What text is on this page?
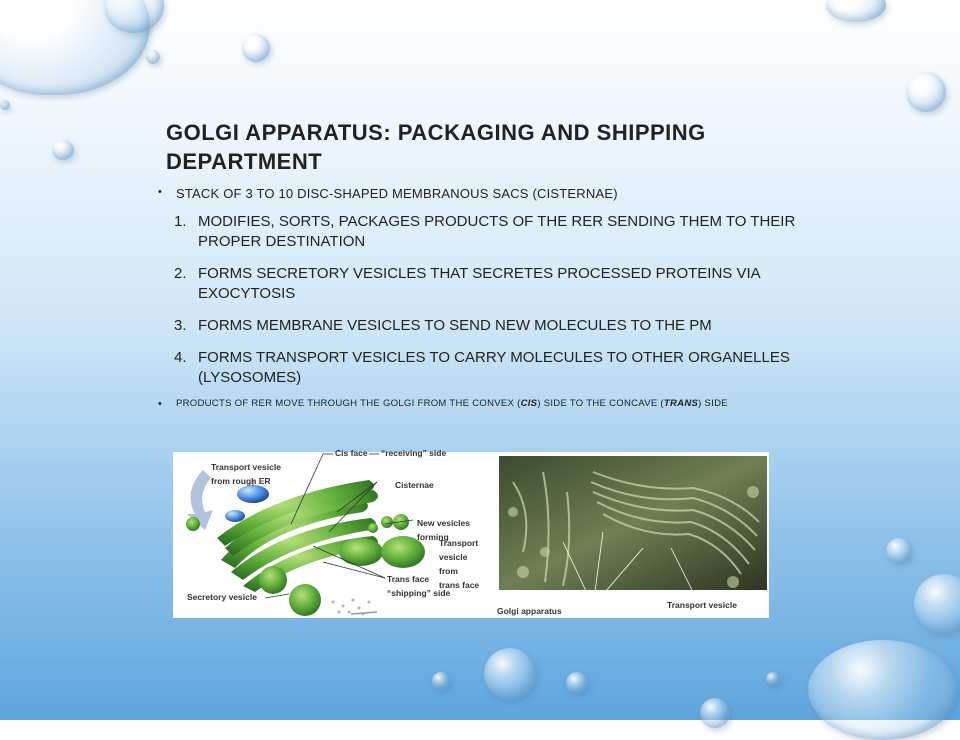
GOLGI APPARATUS: PACKAGING AND SHIPPING
DEPARTMENT
• STACK OF 3 TO 10 DISC-SHAPED MEMBRANOUS SACS (CISTERNAE)
1. MODIFIES, SORTS, PACKAGES PRODUCTS OF THE RER SENDING THEM TO THEIR PROPER DESTINATION
2. FORMS SECRETORY VESICLES THAT SECRETES PROCESSED PROTEINS VIA EXOCYTOSIS
3. FORMS MEMBRANE VESICLES TO SEND NEW MOLECULES TO THE PM
4. FORMS TRANSPORT VESICLES TO CARRY MOLECULES TO OTHER ORGANELLES (LYSOSOMES)
• PRODUCTS OF RER MOVE THROUGH THE GOLGI FROM THE CONVEX (CIS) SIDE TO THE CONCAVE (TRANS) SIDE
Cis face “receiving” side
Transport vesicle
from rough ER	Cisternae
New vesicles
forming
Transport
vesicle
from
trans face
Trans face
“shipping” side
Secretory vesicle
Golgi apparatus
Transport vesicle
